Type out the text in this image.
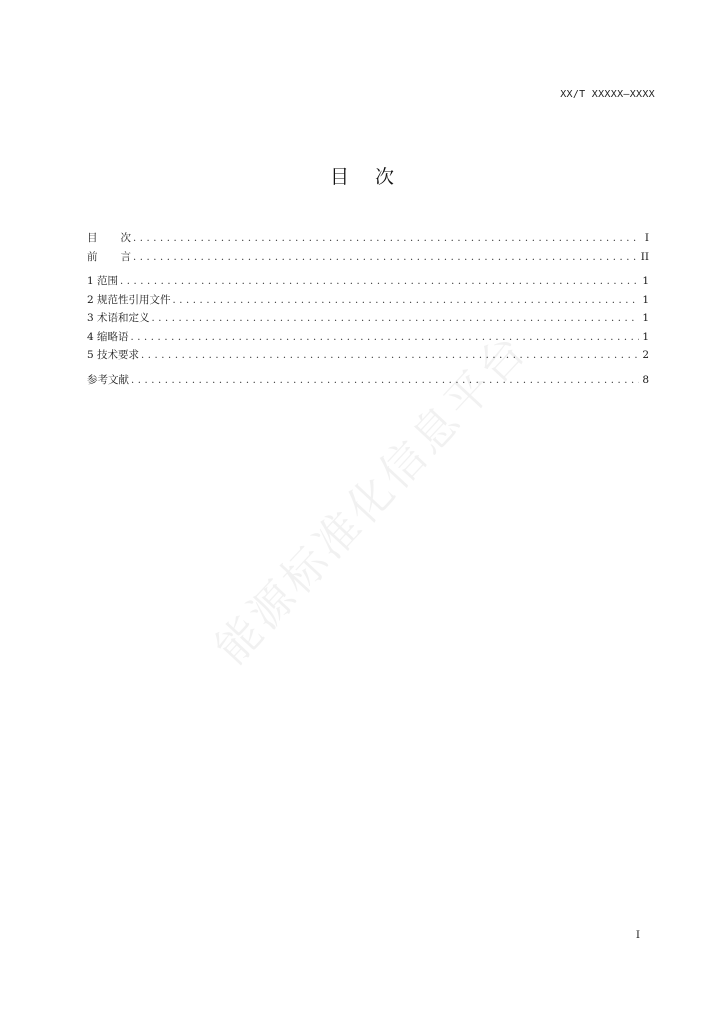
XX/T XXXXX—XXXX
目 次
目 次 . . .	I
前 言 . . .	II
1 范围 . . .	1
2 规范性引用文件 . . .	1
3 术语和定义 . . .	1
4 缩略语 . . .	1
5 技术要求 . . .	2
参考文献 . . .	8
能源标准化信息平台
I
